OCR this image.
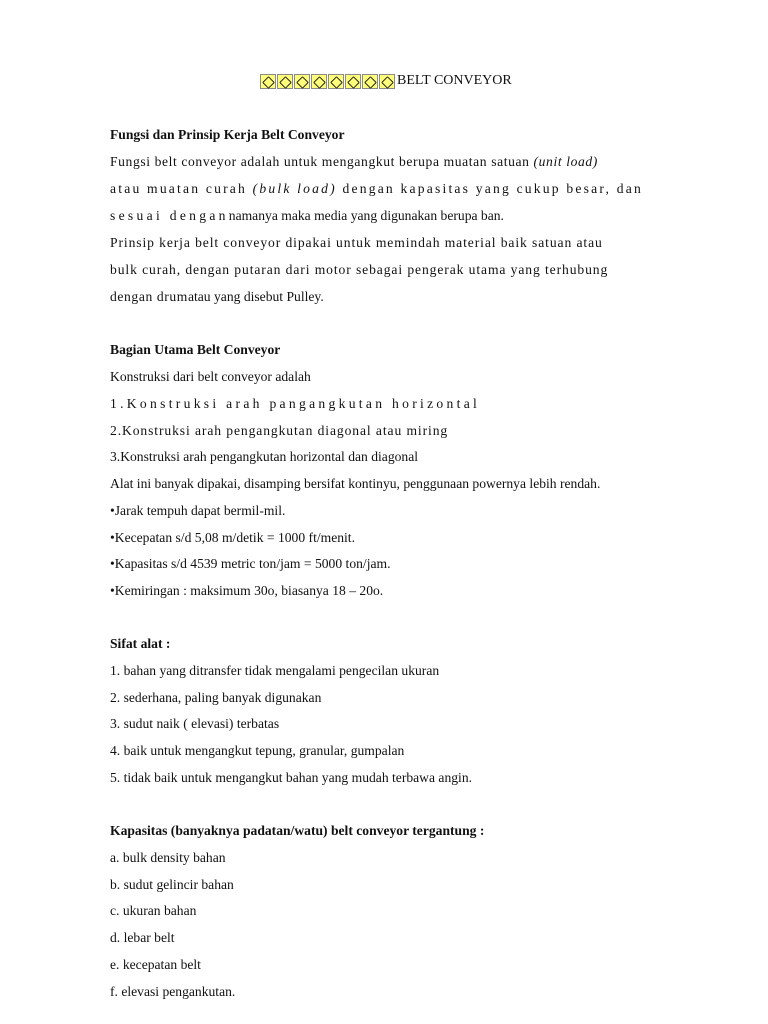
BELT CONVEYOR
Fungsi dan Prinsip Kerja Belt Conveyor
Fungsi belt conveyor adalah untuk mengangkut berupa muatan satuan (unit load)
atau muatan curah (bulk load) dengan kapasitas yang cukup besar, dan
sesuai dengannamanya maka media yang digunakan berupa ban.
Prinsip kerja belt conveyor dipakai untuk memindah material baik satuan atau
bulk curah, dengan putaran dari motor sebagai pengerak utama yang terhubung
dengan drumatau yang disebut Pulley.
Bagian Utama Belt Conveyor
Konstruksi dari belt conveyor adalah
1.Konstruksi arah pangangkutan horizontal
2.Konstruksi arah pengangkutan diagonal atau miring
3.Konstruksi arah pengangkutan horizontal dan diagonal
Alat ini banyak dipakai, disamping bersifat kontinyu, penggunaan powernya lebih rendah.
•Jarak tempuh dapat bermil-mil.
•Kecepatan s/d 5,08 m/detik = 1000 ft/menit.
•Kapasitas s/d 4539 metric ton/jam = 5000 ton/jam.
•Kemiringan : maksimum 30o, biasanya 18 – 20o.
Sifat alat :
1. bahan yang ditransfer tidak mengalami pengecilan ukuran
2. sederhana, paling banyak digunakan
3. sudut naik ( elevasi) terbatas
4. baik untuk mengangkut tepung, granular, gumpalan
5. tidak baik untuk mengangkut bahan yang mudah terbawa angin.
Kapasitas (banyaknya padatan/watu) belt conveyor tergantung :
a. bulk density bahan
b. sudut gelincir bahan
c. ukuran bahan
d. lebar belt
e. kecepatan belt
f. elevasi pengankutan.
